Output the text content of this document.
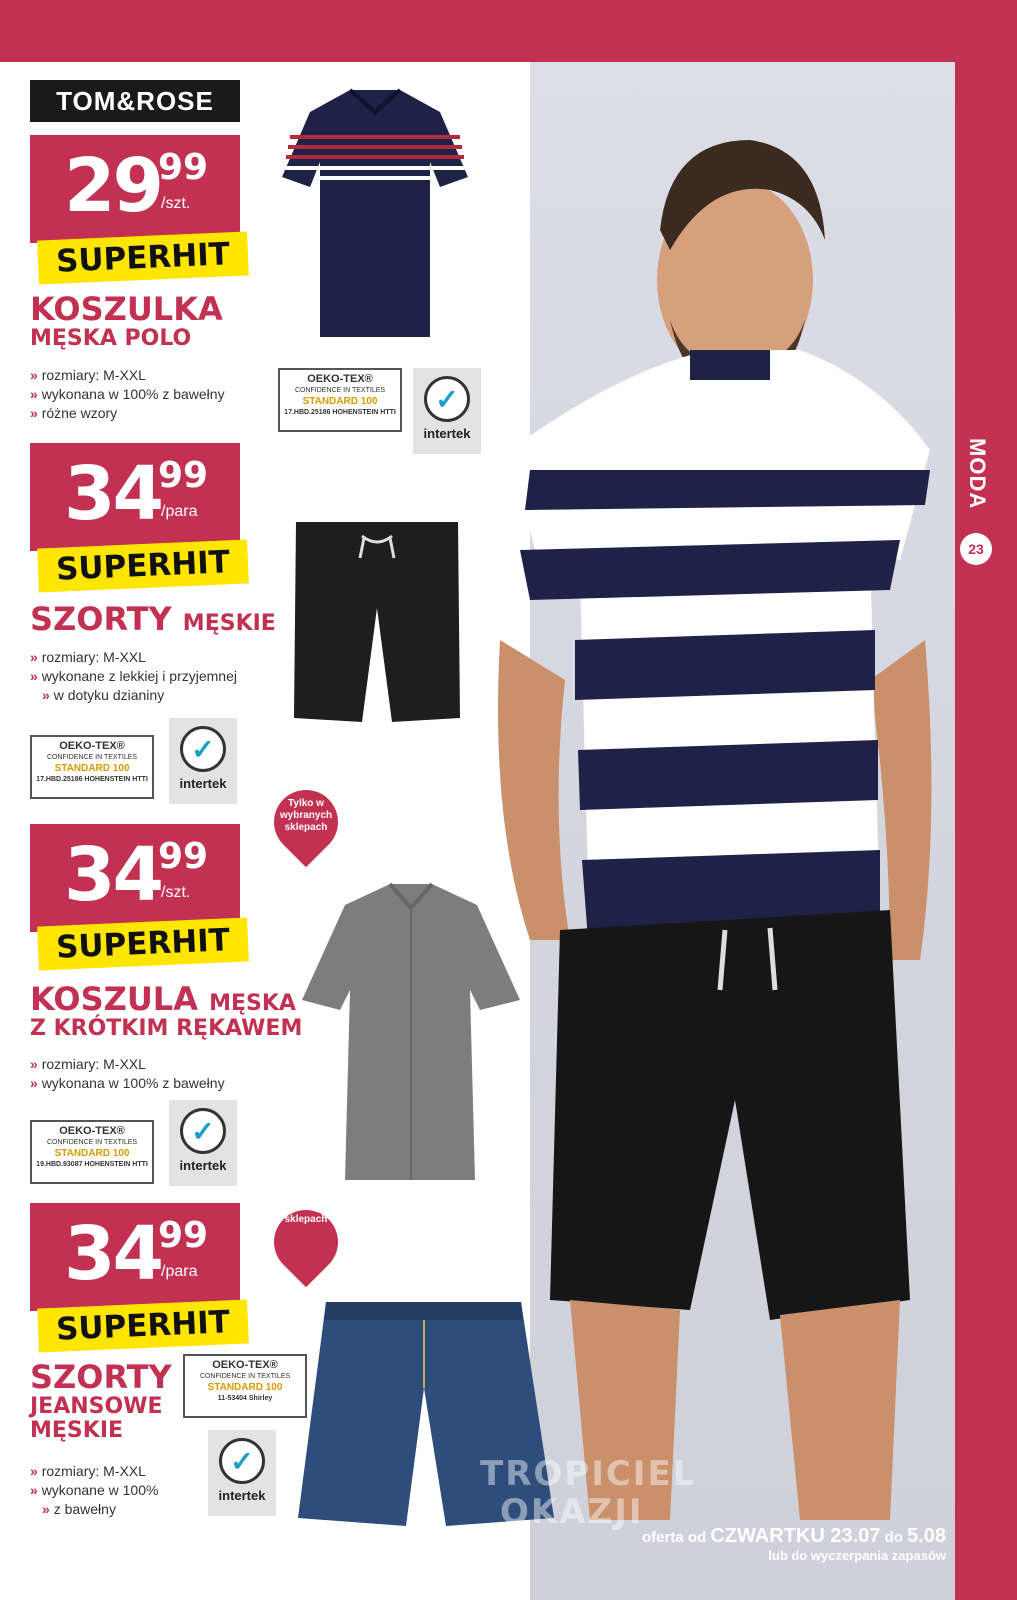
MODA
23
TOM&ROSE
29
99
/szt.
SUPERHIT
KOSZULKA
MĘSKA POLO
» rozmiary: M-XXL
» wykonana w 100% z bawełny
» różne wzory
OEKO-TEX®
CONFIDENCE IN TEXTILES
STANDARD 100
17.HBD.25186 HOHENSTEIN HTTI	✓
intertek
34
99
/para
SUPERHIT
SZORTY MĘSKIE
» rozmiary: M-XXL
» wykonane z lekkiej i przyjemnej
» w dotyku dzianiny
OEKO-TEX®
CONFIDENCE IN TEXTILES
STANDARD 100
17.HBD.25186 HOHENSTEIN HTTI
✓
intertek
Tylko w wybranych sklepach
34
99
/szt.
SUPERHIT
KOSZULA MĘSKA
Z KRÓTKIM RĘKAWEM
» rozmiary: M-XXL
» wykonana w 100% z bawełny
OEKO-TEX®
CONFIDENCE IN TEXTILES
STANDARD 100
19.HBD.93087 HOHENSTEIN HTTI
✓
intertek
Tylko w wybranych sklepach
34
99
/para
SUPERHIT
SZORTY
JEANSOWE
MĘSKIE
» rozmiary: M-XXL
» wykonane w 100%
» z bawełny
OEKO-TEX®
CONFIDENCE IN TEXTILES
STANDARD 100
11-53404 Shirley
✓
intertek
TROPICIEL
OKAZJI
oferta od CZWARTKU 23.07 do 5.08
lub do wyczerpania zapasów
